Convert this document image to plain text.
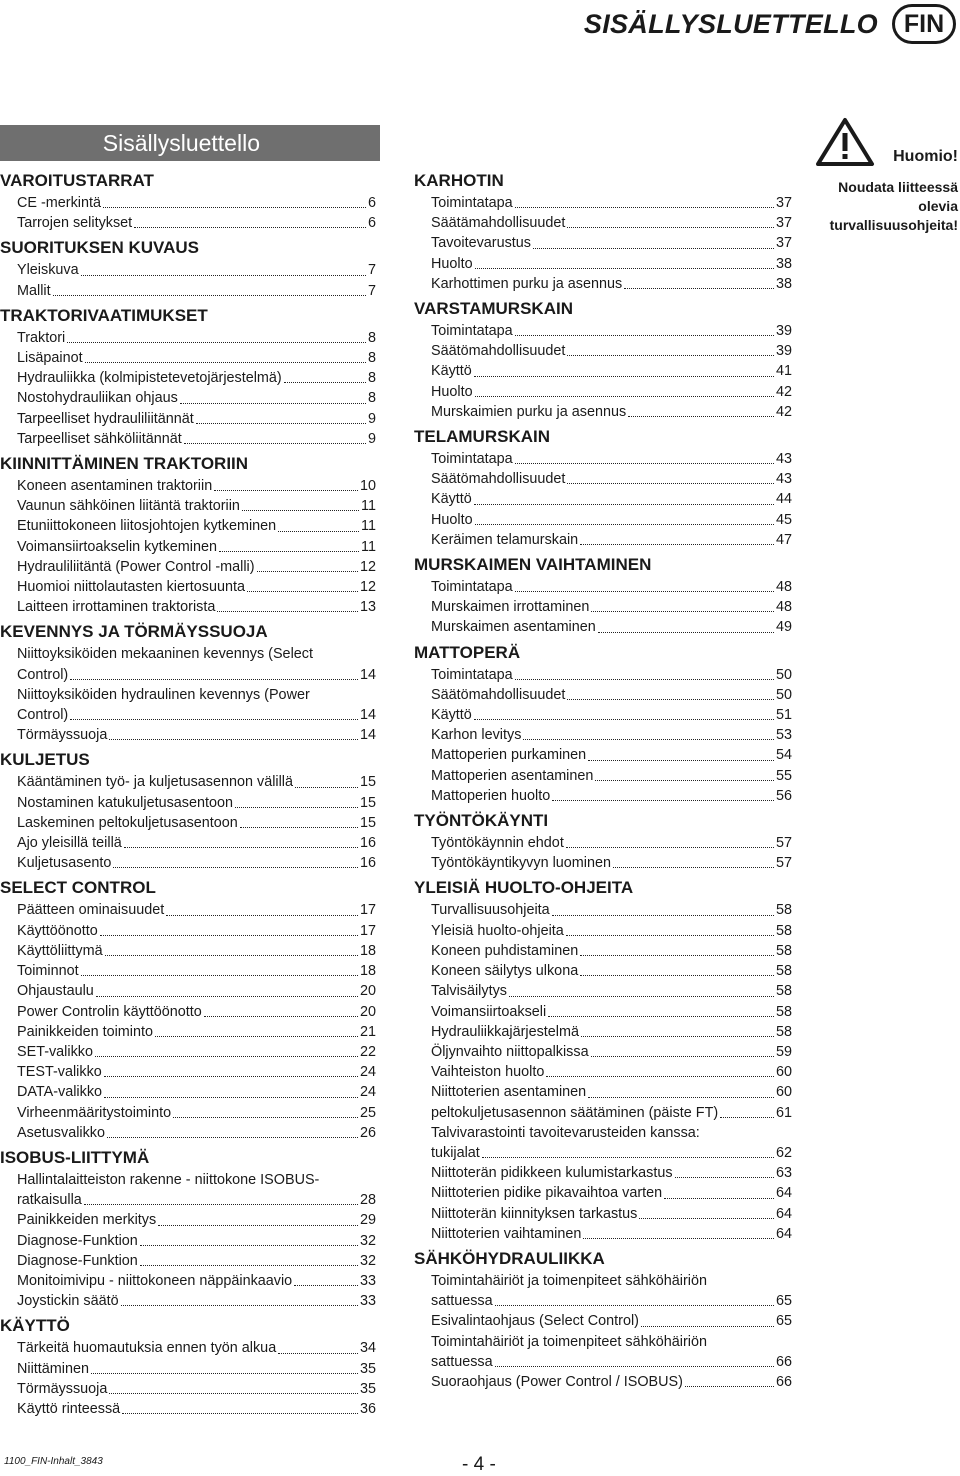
SISÄLLYSLUETTELLO	FIN
Sisällysluettello
VAROITUSTARRAT
CE -merkintä	6
Tarrojen selitykset	6
SUORITUKSEN KUVAUS
Yleiskuva	7
Mallit	7
TRAKTORIVAATIMUKSET
Traktori	8
Lisäpainot	8
Hydrauliikka (kolmipistetevetojärjestelmä)	8
Nostohydrauliikan ohjaus	8
Tarpeelliset hydrauliliitännät	9
Tarpeelliset sähköliitännät	9
KIINNITTÄMINEN TRAKTORIIN
Koneen asentaminen traktoriin	10
Vaunun sähköinen liitäntä traktoriin	11
Etuniittokoneen liitosjohtojen kytkeminen	11
Voimansiirtoakselin kytkeminen	11
Hydrauliliitäntä (Power Control -malli)	12
Huomioi niittolautasten kiertosuunta	12
Laitteen irrottaminen traktorista	13
KEVENNYS JA TÖRMÄYSSUOJA
Niittoyksiköiden mekaaninen kevennys (Select
Control)	14
Niittoyksiköiden hydraulinen kevennys (Power
Control)	14
Törmäyssuoja	14
KULJETUS
Kääntäminen työ- ja kuljetusasennon välillä	15
Nostaminen katukuljetusasentoon	15
Laskeminen peltokuljetusasentoon	15
Ajo yleisillä teillä	16
Kuljetusasento	16
SELECT CONTROL
Päätteen ominaisuudet	17
Käyttöönotto	17
Käyttöliittymä	18
Toiminnot	18
Ohjaustaulu	20
Power Controlin käyttöönotto	20
Painikkeiden toiminto	21
SET-valikko	22
TEST-valikko	24
DATA-valikko	24
Virheenmääritystoiminto	25
Asetusvalikko	26
ISOBUS-LIITTYMÄ
Hallintalaitteiston rakenne - niittokone ISOBUS-
ratkaisulla	28
Painikkeiden merkitys	29
Diagnose-Funktion	32
Diagnose-Funktion	32
Monitoimivipu - niittokoneen näppäinkaavio	33
Joystickin säätö	33
KÄYTTÖ
Tärkeitä huomautuksia ennen työn alkua	34
Niittäminen	35
Törmäyssuoja	35
Käyttö rinteessä	36
KARHOTIN
Toimintatapa	37
Säätämahdollisuudet	37
Tavoitevarustus	37
Huolto	38
Karhottimen purku ja asennus	38
VARSTAMURSKAIN
Toimintatapa	39
Säätömahdollisuudet	39
Käyttö	41
Huolto	42
Murskaimien purku ja asennus	42
TELAMURSKAIN
Toimintatapa	43
Säätömahdollisuudet	43
Käyttö	44
Huolto	45
Keräimen telamurskain	47
MURSKAIMEN VAIHTAMINEN
Toimintatapa	48
Murskaimen irrottaminen	48
Murskaimen asentaminen	49
MATTOPERÄ
Toimintatapa	50
Säätömahdollisuudet	50
Käyttö	51
Karhon levitys	53
Mattoperien purkaminen	54
Mattoperien asentaminen	55
Mattoperien huolto	56
TYÖNTÖKÄYNTI
Työntökäynnin ehdot	57
Työntökäyntikyvyn luominen	57
YLEISIÄ HUOLTO-OHJEITA
Turvallisuusohjeita	58
Yleisiä huolto-ohjeita	58
Koneen puhdistaminen	58
Koneen säilytys ulkona	58
Talvisäilytys	58
Voimansiirtoakseli	58
Hydrauliikkajärjestelmä	58
Öljynvaihto niittopalkissa	59
Vaihteiston huolto	60
Niittoterien asentaminen	60
peltokuljetusasennon säätäminen (päiste FT)	61
Talvivarastointi tavoitevarusteiden kanssa:
tukijalat	62
Niittoterän pidikkeen kulumistarkastus	63
Niittoterien pidike pikavaihtoa varten	64
Niittoterän kiinnityksen tarkastus	64
Niittoterien vaihtaminen	64
SÄHKÖHYDRAULIIKKA
Toimintahäiriöt ja toimenpiteet sähköhäiriön
sattuessa	65
Esivalintaohjaus (Select Control)	65
Toimintahäiriöt ja toimenpiteet sähköhäiriön
sattuessa	66
Suoraohjaus (Power Control / ISOBUS)	66
Huomio!
Noudata liitteessä olevia turvallisuusohjeita!
1100_FIN-Inhalt_3843	- 4 -
